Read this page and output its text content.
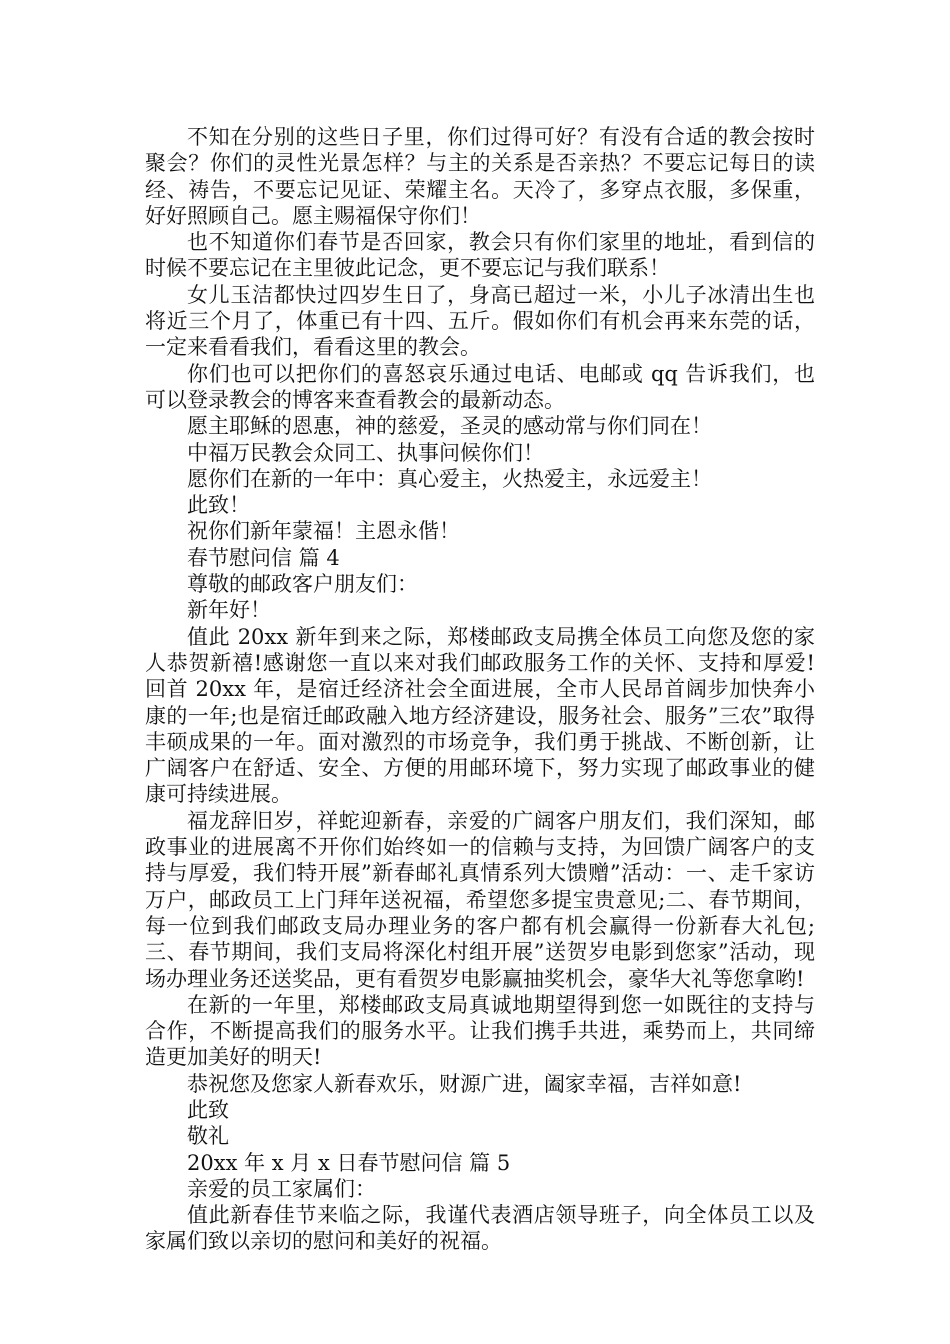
不知在分别的这些日子里，你们过得可好？有没有合适的教会按时聚会？你们的灵性光景怎样？与主的关系是否亲热？不要忘记每日的读经、祷告，不要忘记见证、荣耀主名。天冷了，多穿点衣服，多保重，好好照顾自己。愿主赐福保守你们！

也不知道你们春节是否回家，教会只有你们家里的地址，看到信的时候不要忘记在主里彼此记念，更不要忘记与我们联系！

女儿玉洁都快过四岁生日了，身高已超过一米，小儿子冰清出生也将近三个月了，体重已有十四、五斤。假如你们有机会再来东莞的话，一定来看看我们，看看这里的教会。

你们也可以把你们的喜怒哀乐通过电话、电邮或 qq 告诉我们，也可以登录教会的博客来查看教会的最新动态。

愿主耶稣的恩惠，神的慈爱，圣灵的感动常与你们同在！

中福万民教会众同工、执事问候你们！

愿你们在新的一年中：真心爱主，火热爱主，永远爱主！

此致！

祝你们新年蒙福！主恩永偕！

春节慰问信 篇 4

尊敬的邮政客户朋友们：

新年好！

值此 20xx 新年到来之际，郑楼邮政支局携全体员工向您及您的家人恭贺新禧!感谢您一直以来对我们邮政服务工作的关怀、支持和厚爱! 回首 20xx 年，是宿迁经济社会全面进展，全市人民昂首阔步加快奔小康的一年;也是宿迁邮政融入地方经济建设，服务社会、服务”三农”取得丰硕成果的一年。面对激烈的市场竞争，我们勇于挑战、不断创新，让广阔客户在舒适、安全、方便的用邮环境下，努力实现了邮政事业的健康可持续进展。

福龙辞旧岁，祥蛇迎新春，亲爱的广阔客户朋友们，我们深知，邮政事业的进展离不开你们始终如一的信赖与支持，为回馈广阔客户的支持与厚爱，我们特开展”新春邮礼真情系列大馈赠”活动：一、走千家访万户，邮政员工上门拜年送祝福，希望您多提宝贵意见;二、春节期间，每一位到我们邮政支局办理业务的客户都有机会赢得一份新春大礼包;三、春节期间，我们支局将深化村组开展”送贺岁电影到您家”活动，现场办理业务还送奖品，更有看贺岁电影赢抽奖机会，豪华大礼等您拿哟!

在新的一年里，郑楼邮政支局真诚地期望得到您一如既往的支持与合作，不断提高我们的服务水平。让我们携手共进，乘势而上，共同缔造更加美好的明天!

恭祝您及您家人新春欢乐，财源广进，阖家幸福，吉祥如意!

此致

敬礼

20xx 年 x 月 x 日春节慰问信 篇 5

亲爱的员工家属们：

值此新春佳节来临之际，我谨代表酒店领导班子，向全体员工以及家属们致以亲切的慰问和美好的祝福。
